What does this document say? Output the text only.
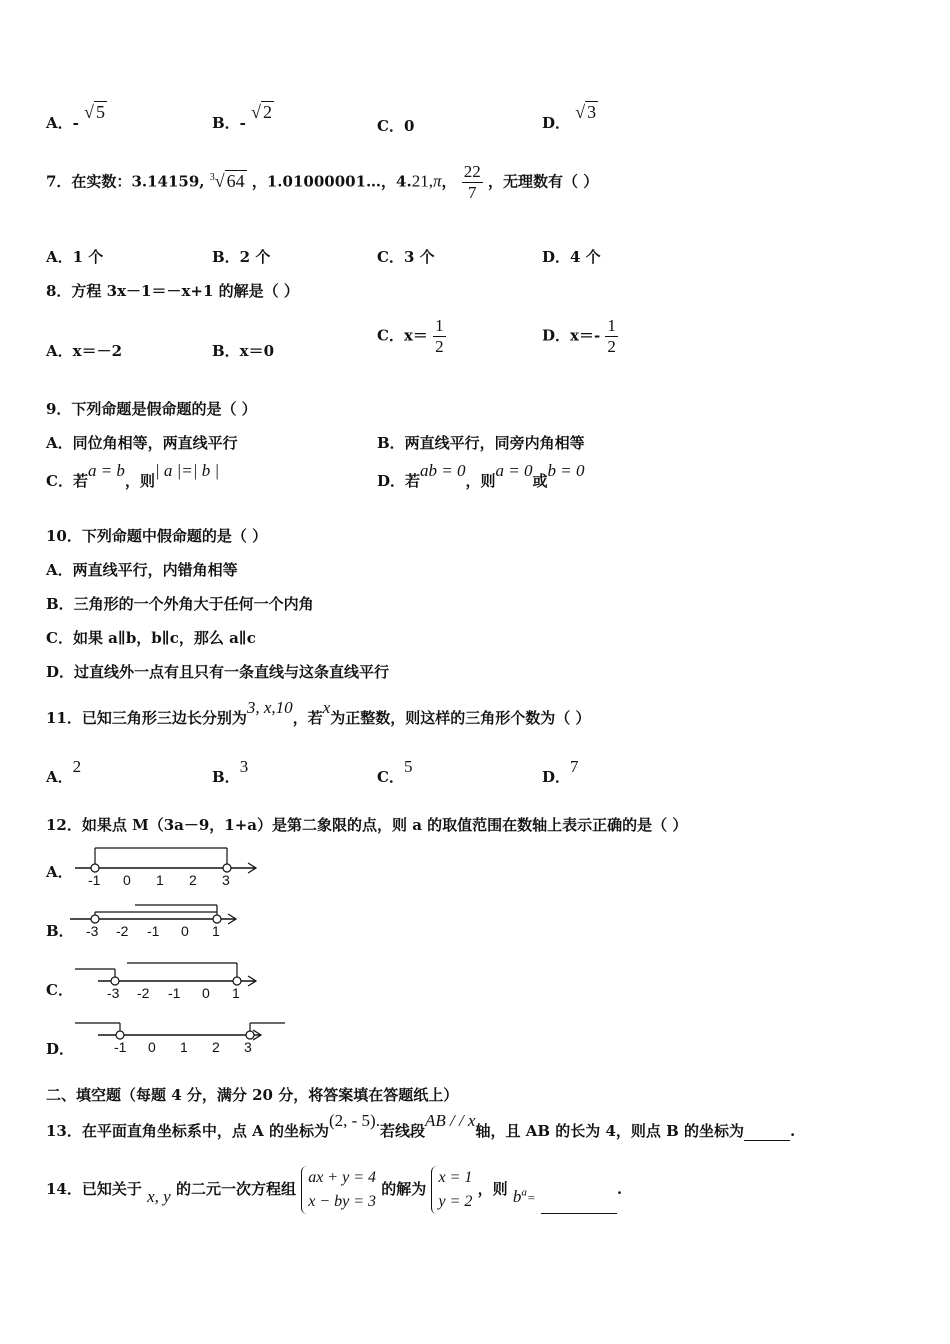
A．- √ 5
B．- √ 2
C．0	D． √ 3
7．在实数：3.14159, $^3$√ 64 ，1.01000001…，4.21,π， $\frac{22}{7}$ ，无理数有（ ）
A．1 个	B．2 个	C．3 个	D．4 个
8．方程 3x－1＝－x+1 的解是（ ）
A．x＝－2	B．x＝0
C．$x= \frac{1}{2}$	D．$x=- \frac{1}{2}$
9．下列命题是假命题的是（ ）
A．同位角相等，两直线平行	B．两直线平行，同旁内角相等
C．若a = b，则| a |=| b |
D．若ab = 0，则a = 0或b = 0
10．下列命题中假命题的是（ ）
A．两直线平行，内错角相等
B．三角形的一个外角大于任何一个内角
C．如果 a∥b，b∥c，那么 a∥c
D．过直线外一点有且只有一条直线与这条直线平行
11．已知三角形三边长分别为3, x,10，若x为正整数，则这样的三角形个数为（ ）
A．2
B．3
C．5
D．7
12．如果点 M（3a－9，1+a）是第二象限的点，则 a 的取值范围在数轴上表示正确的是（ ）
A． -1 0 1 2 3
B． -3 -2 -1 0 1
C． -3 -2 -1 0 1
D．	-1 0 1 2 3
二、填空题（每题 4 分，满分 20 分，将答案填在答题纸上）
13．在平面直角坐标系中，点 A 的坐标为(2, - 5).若线段AB / / x轴，且 AB 的长为 4，则点 B 的坐标为	.
14．已知关于 x, y 的二元一次方程组
ax + y = 4
x − by = 3
的解为
x = 1
y = 2
，则 $b^a=$	.
